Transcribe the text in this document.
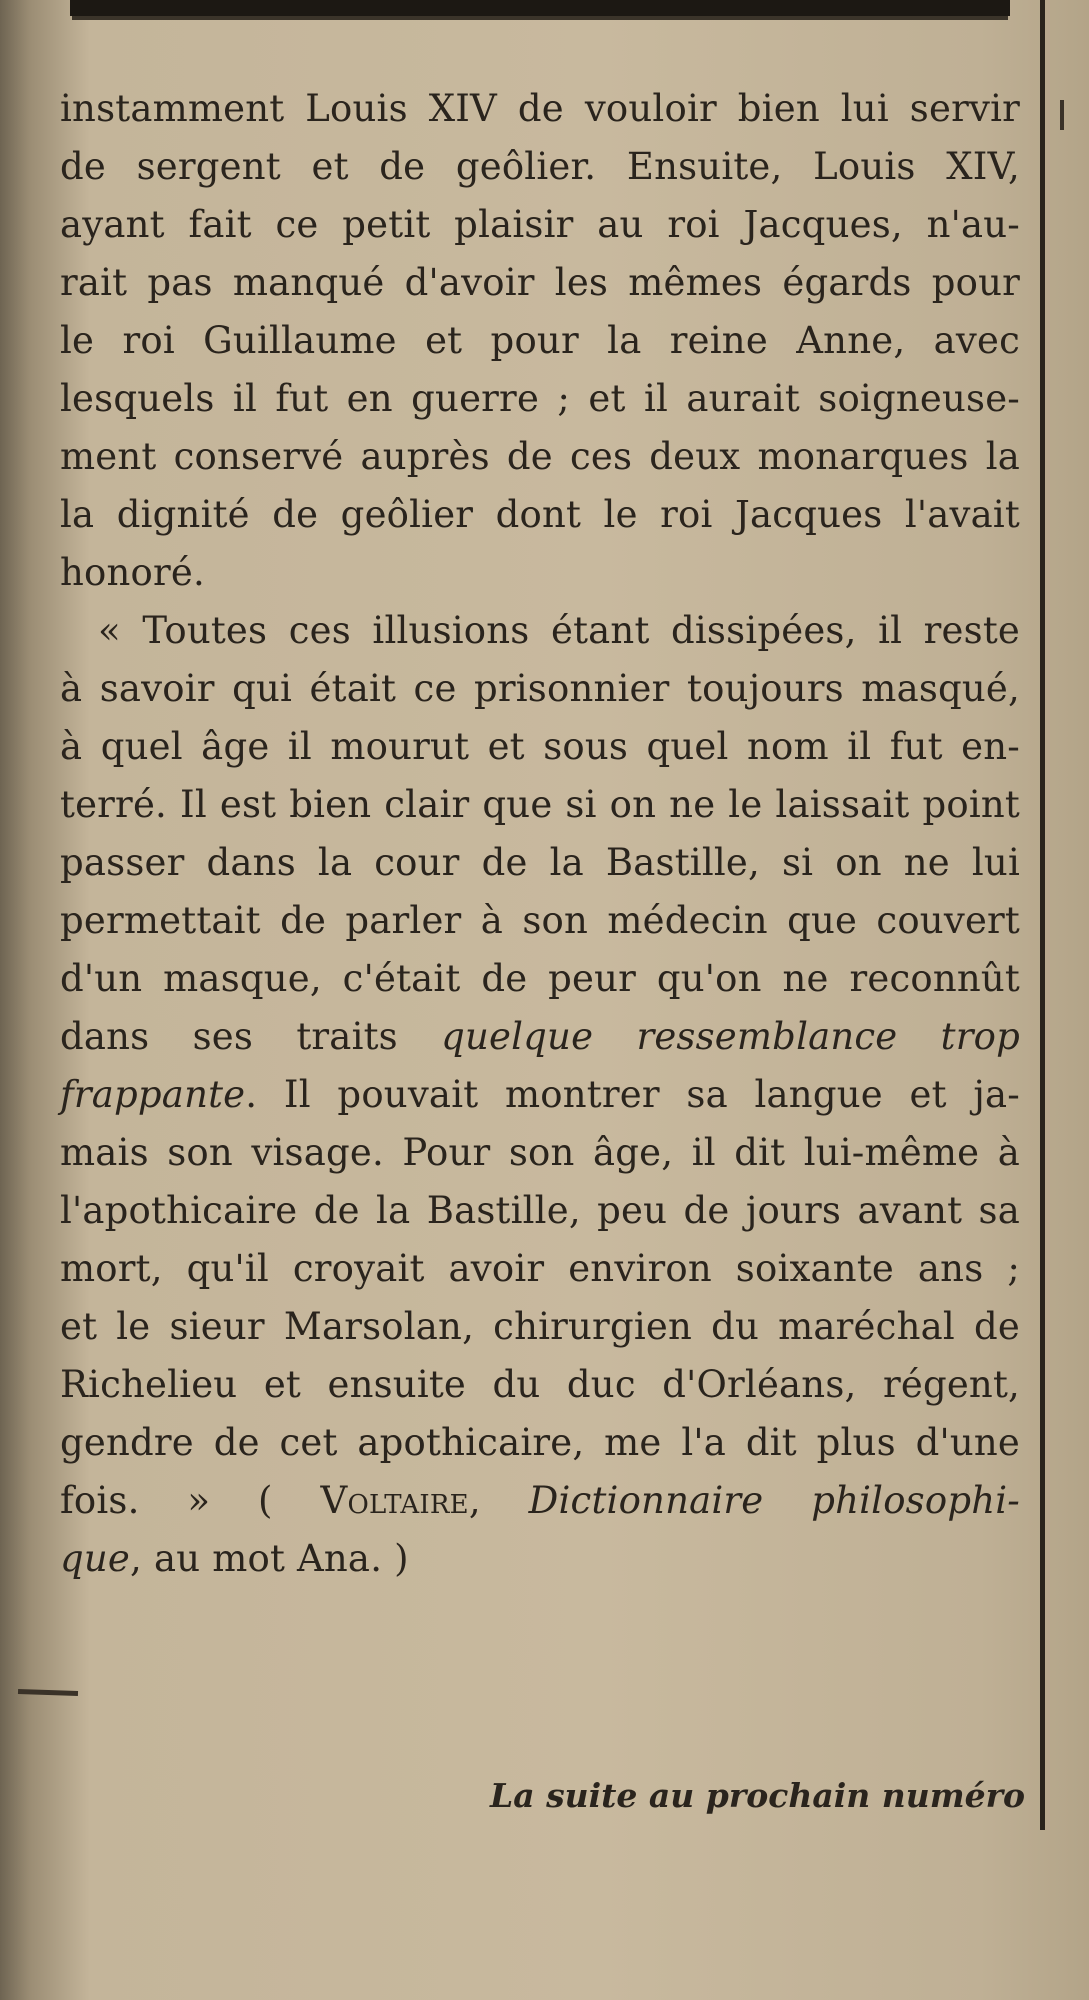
instamment Louis XIV de vouloir bien lui servir
de sergent et de geôlier. Ensuite, Louis XIV,
ayant fait ce petit plaisir au roi Jacques, n'au-
rait pas manqué d'avoir les mêmes égards pour
le roi Guillaume et pour la reine Anne, avec
lesquels il fut en guerre ; et il aurait soigneuse-
ment conservé auprès de ces deux monarques la
la dignité de geôlier dont le roi Jacques l'avait
honoré.
« Toutes ces illusions étant dissipées, il reste
à savoir qui était ce prisonnier toujours masqué,
à quel âge il mourut et sous quel nom il fut en-
terré. Il est bien clair que si on ne le laissait point
passer dans la cour de la Bastille, si on ne lui
permettait de parler à son médecin que couvert
d'un masque, c'était de peur qu'on ne reconnût
dans ses traits quelque ressemblance trop
frappante. Il pouvait montrer sa langue et ja-
mais son visage. Pour son âge, il dit lui-même à
l'apothicaire de la Bastille, peu de jours avant sa
mort, qu'il croyait avoir environ soixante ans ;
et le sieur Marsolan, chirurgien du maréchal de
Richelieu et ensuite du duc d'Orléans, régent,
gendre de cet apothicaire, me l'a dit plus d'une
fois. » ( Voltaire, Dictionnaire philosophi-
que, au mot Ana. )
La suite au prochain numéro
